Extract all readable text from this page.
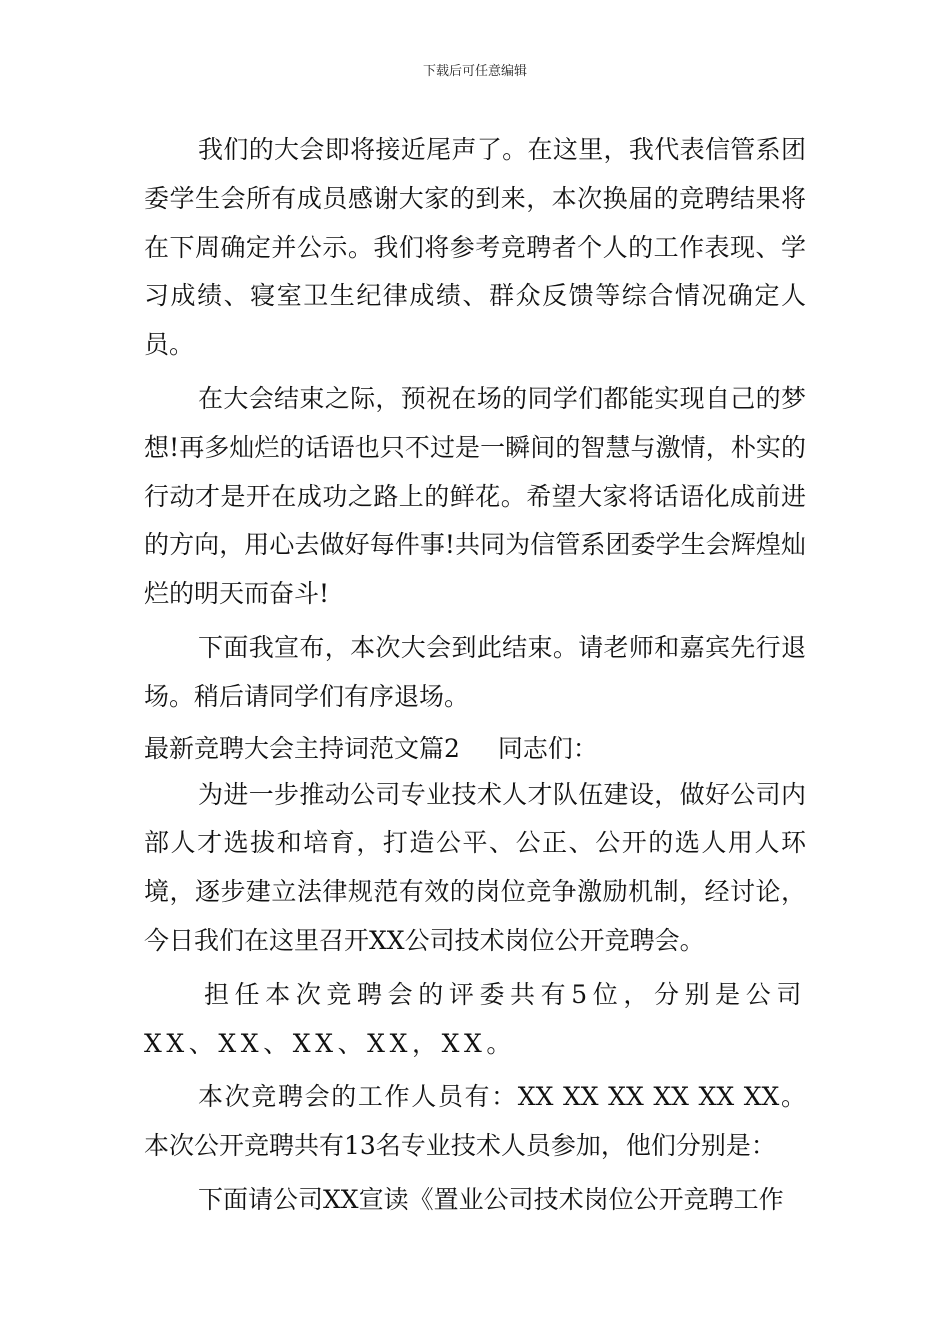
下载后可任意编辑

我们的大会即将接近尾声了。在这里，我代表信管系团委学生会所有成员感谢大家的到来，本次换届的竞聘结果将在下周确定并公示。我们将参考竞聘者个人的工作表现、学习成绩、寝室卫生纪律成绩、群众反馈等综合情况确定人员。

在大会结束之际，预祝在场的同学们都能实现自己的梦想!再多灿烂的话语也只不过是一瞬间的智慧与激情，朴实的行动才是开在成功之路上的鲜花。希望大家将话语化成前进的方向，用心去做好每件事!共同为信管系团委学生会辉煌灿烂的明天而奋斗!

下面我宣布，本次大会到此结束。请老师和嘉宾先行退场。稍后请同学们有序退场。

最新竞聘大会主持词范文篇2 同志们：

为进一步推动公司专业技术人才队伍建设，做好公司内部人才选拔和培育，打造公平、公正、公开的选人用人环境，逐步建立法律规范有效的岗位竞争激励机制，经讨论，今日我们在这里召开XX公司技术岗位公开竞聘会。

担任本次竞聘会的评委共有5位，分别是公司XX、XX、XX、XX，XX。

本次竞聘会的工作人员有：XX XX XX XX XX XX。 本次公开竞聘共有13名专业技术人员参加，他们分别是：

下面请公司XX宣读《置业公司技术岗位公开竞聘工作
